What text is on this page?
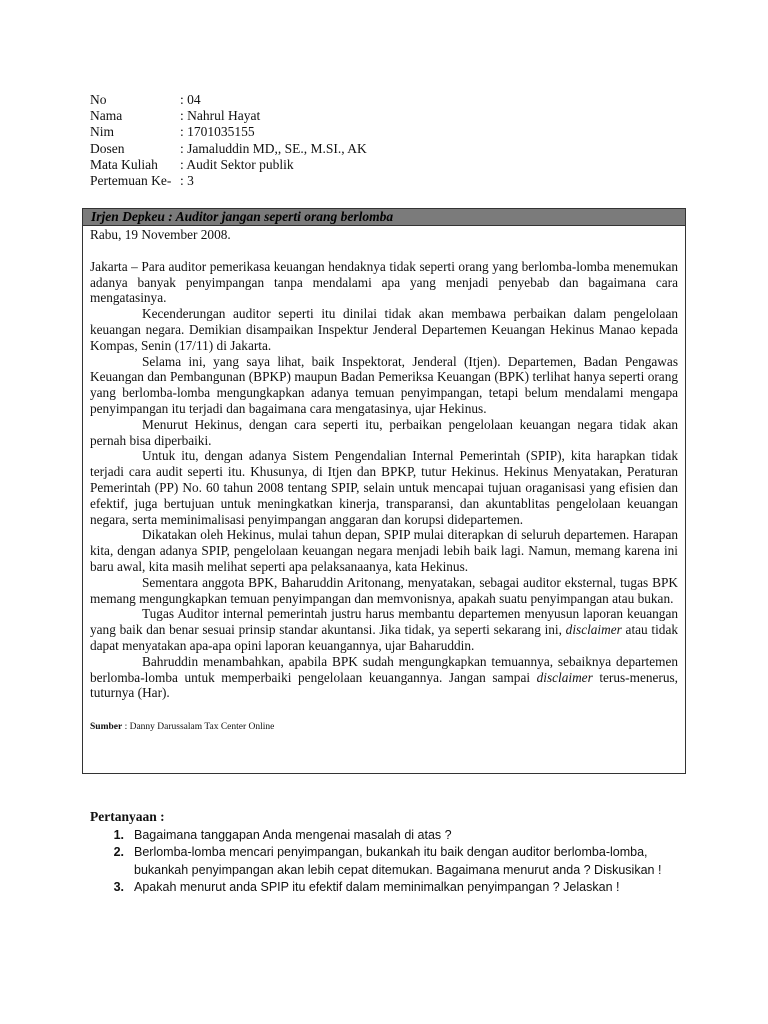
No	: 04
Nama	: Nahrul Hayat
Nim	: 1701035155
Dosen	: Jamaluddin MD,, SE., M.SI., AK
Mata Kuliah	: Audit Sektor publik
Pertemuan Ke- : 3
Irjen Depkeu : Auditor jangan seperti orang berlomba
Rabu, 19 November 2008.

Jakarta – Para auditor pemerikasa keuangan hendaknya tidak seperti orang yang berlomba-lomba menemukan adanya banyak penyimpangan tanpa mendalami apa yang menjadi penyebab dan bagaimana cara mengatasinya.

Kecenderungan auditor seperti itu dinilai tidak akan membawa perbaikan dalam pengelolaan keuangan negara. Demikian disampaikan Inspektur Jenderal Departemen Keuangan Hekinus Manao kepada Kompas, Senin (17/11) di Jakarta.

Selama ini, yang saya lihat, baik Inspektorat, Jenderal (Itjen). Departemen, Badan Pengawas Keuangan dan Pembangunan (BPKP) maupun Badan Pemeriksa Keuangan (BPK) terlihat hanya seperti orang yang berlomba-lomba mengungkapkan adanya temuan penyimpangan, tetapi belum mendalami mengapa penyimpangan itu terjadi dan bagaimana cara mengatasinya, ujar Hekinus.

Menurut Hekinus, dengan cara seperti itu, perbaikan pengelolaan keuangan negara tidak akan pernah bisa diperbaiki.

Untuk itu, dengan adanya Sistem Pengendalian Internal Pemerintah (SPIP), kita harapkan tidak terjadi cara audit seperti itu. Khusunya, di Itjen dan BPKP, tutur Hekinus. Hekinus Menyatakan, Peraturan Pemerintah (PP) No. 60 tahun 2008 tentang SPIP, selain untuk mencapai tujuan oraganisasi yang efisien dan efektif, juga bertujuan untuk meningkatkan kinerja, transparansi, dan akuntablitas pengelolaan keuangan negara, serta meminimalisasi penyimpangan anggaran dan korupsi didepartemen.

Dikatakan oleh Hekinus, mulai tahun depan, SPIP mulai diterapkan di seluruh departemen. Harapan kita, dengan adanya SPIP, pengelolaan keuangan negara menjadi lebih baik lagi. Namun, memang karena ini baru awal, kita masih melihat seperti apa pelaksanaanya, kata Hekinus.

Sementara anggota BPK, Baharuddin Aritonang, menyatakan, sebagai auditor eksternal, tugas BPK memang mengungkapkan temuan penyimpangan dan memvonisnya, apakah suatu penyimpangan atau bukan.

Tugas Auditor internal pemerintah justru harus membantu departemen menyusun laporan keuangan yang baik dan benar sesuai prinsip standar akuntansi. Jika tidak, ya seperti sekarang ini, disclaimer atau tidak dapat menyatakan apa-apa opini laporan keuangannya, ujar Baharuddin.

Bahruddin menambahkan, apabila BPK sudah mengungkapkan temuannya, sebaiknya departemen berlomba-lomba untuk memperbaiki pengelolaan keuangannya. Jangan sampai disclaimer terus-menerus, tuturnya (Har).

Sumber : Danny Darussalam Tax Center Online
Pertanyaan :
1. Bagaimana tanggapan Anda mengenai masalah di atas ?
2. Berlomba-lomba mencari penyimpangan, bukankah itu baik dengan auditor berlomba-lomba, bukankah penyimpangan akan lebih cepat ditemukan. Bagaimana menurut anda ? Diskusikan !
3. Apakah menurut anda SPIP itu efektif dalam meminimalkan penyimpangan ? Jelaskan !
